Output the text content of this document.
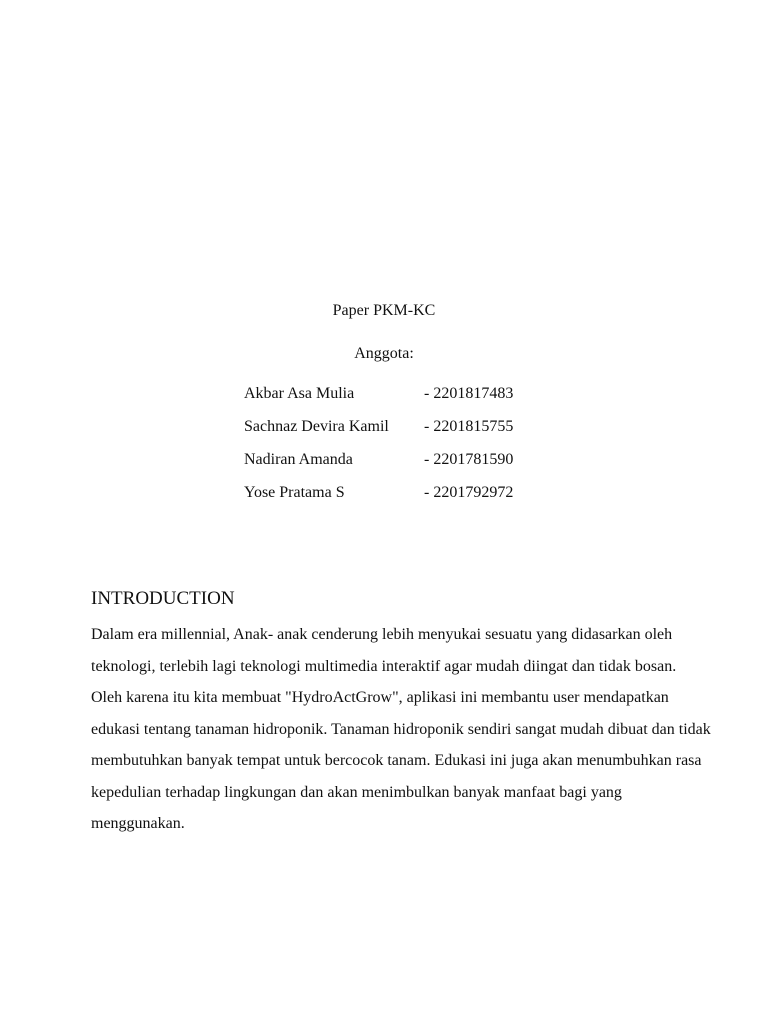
Paper PKM-KC
Anggota:
Akbar Asa Mulia	- 2201817483
Sachnaz Devira Kamil	- 2201815755
Nadiran Amanda	- 2201781590
Yose Pratama S	- 2201792972
INTRODUCTION

Dalam era millennial, Anak- anak cenderung lebih menyukai sesuatu yang didasarkan oleh teknologi, terlebih lagi teknologi multimedia interaktif agar mudah diingat dan tidak bosan.

Oleh karena itu kita membuat "HydroActGrow", aplikasi ini membantu user mendapatkan edukasi tentang tanaman hidroponik. Tanaman hidroponik sendiri sangat mudah dibuat dan tidak membutuhkan banyak tempat untuk bercocok tanam. Edukasi ini juga akan menumbuhkan rasa kepedulian terhadap lingkungan dan akan menimbulkan banyak manfaat bagi yang menggunakan.
